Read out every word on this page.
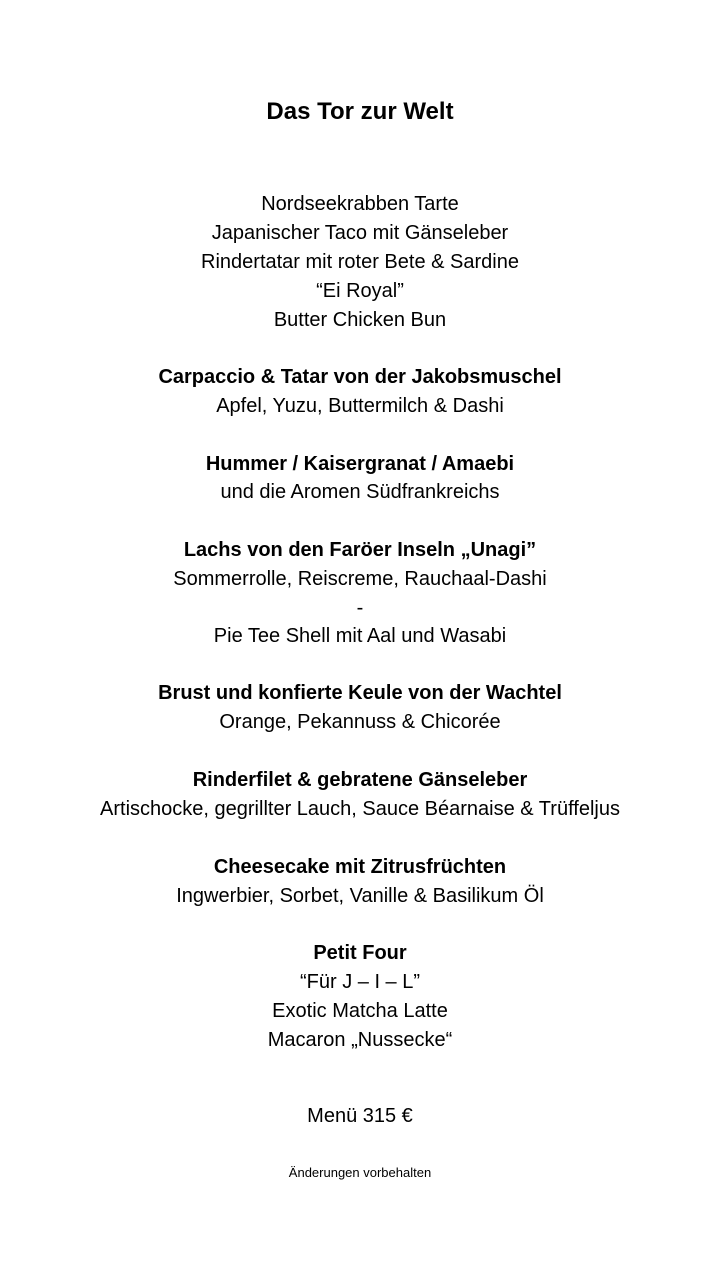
Das Tor zur Welt
Nordseekrabben Tarte
Japanischer Taco mit Gänseleber
Rindertatar mit roter Bete & Sardine
“Ei Royal”
Butter Chicken Bun
Carpaccio & Tatar von der Jakobsmuschel
Apfel, Yuzu, Buttermilch & Dashi
Hummer / Kaisergranat / Amaebi
und die Aromen Südfrankreichs
Lachs von den Faröer Inseln „Unagi”
Sommerrolle, Reiscreme, Rauchaal-Dashi
-
Pie Tee Shell mit Aal und Wasabi
Brust und konfierte Keule von der Wachtel
Orange, Pekannuss & Chicorée
Rinderfilet & gebratene Gänseleber
Artischocke, gegrillter Lauch, Sauce Béarnaise & Trüffeljus
Cheesecake mit Zitrusfrüchten
Ingwerbier, Sorbet, Vanille & Basilikum Öl
Petit Four
“Für J – I – L”
Exotic Matcha Latte
Macaron „Nussecke“
Menü 315 €
Änderungen vorbehalten
